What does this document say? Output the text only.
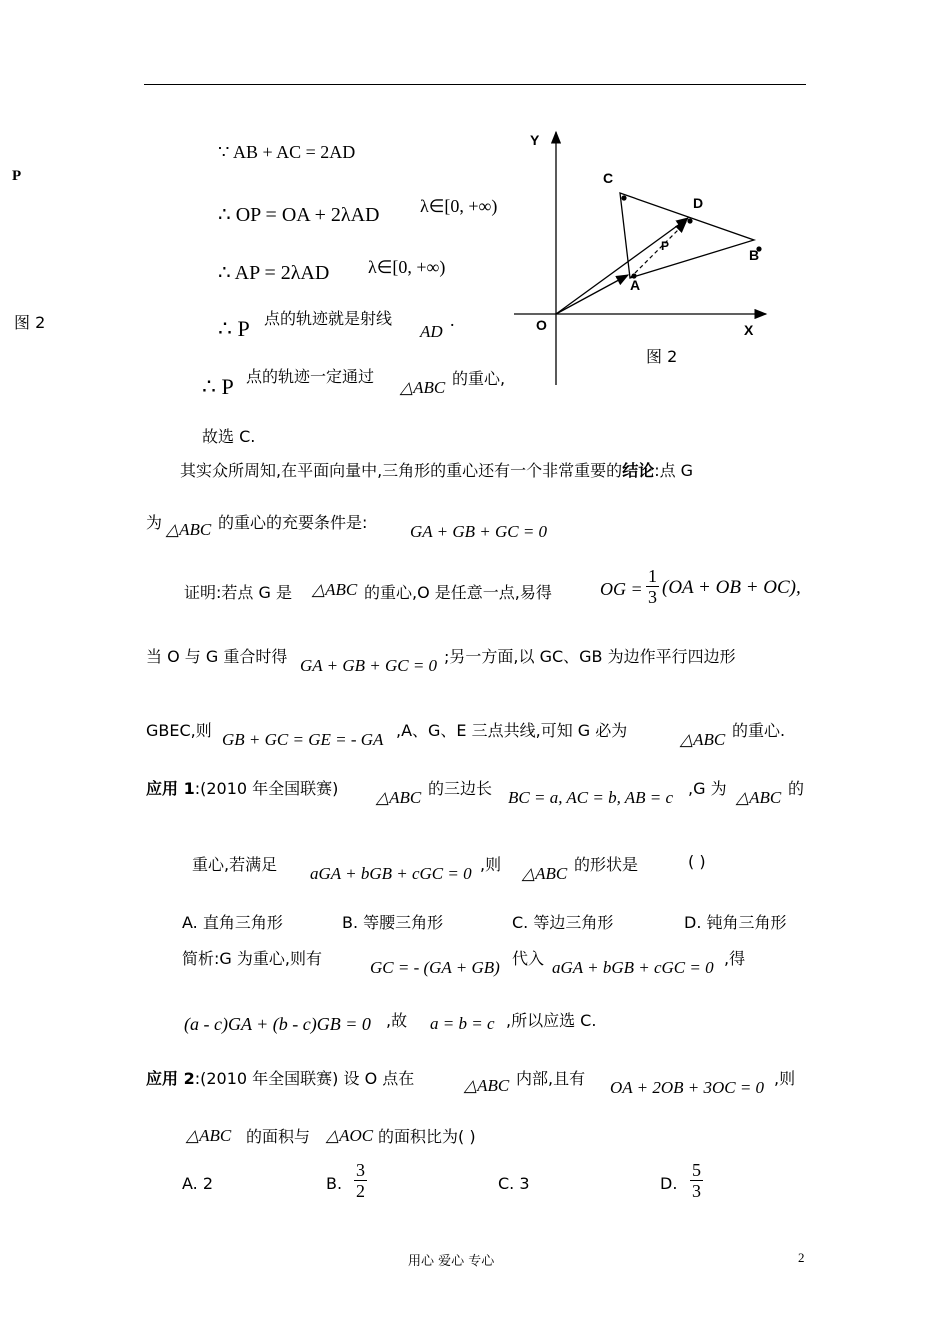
P
图 2
∵ AB + AC = 2AD
∴ OP = OA + 2λAD λ∈[0, +∞)
∴ AP = 2λAD λ∈[0, +∞)
∴ P 点的轨迹就是射线
AD
.
∴ P 点的轨迹一定通过
△ABC 的重心,
故选 C.
Y
X
O
C
D
B
A
P
图 2
其实众所周知,在平面向量中,三角形的重心还有一个非常重要的结论:点 G
为 △ABC 的重心的充要条件是:	GA + GB + GC = 0
证明:若点 G 是 △ABC 的重心,O 是任意一点,易得	OG = $\frac{1}{3} (OA$ + OB + OC),
当 O 与 G 重合时得 GA + GB + GC = 0 ;另一方面,以 GC、GB 为边作平行四边形
GBEC,则 GB + GC = GE = - GA ,A、G、E 三点共线,可知 G 必为	△ABC 的重心.
应用 1:(2010 年全国联赛) △ABC 的三边长 BC = a, AC = b, AB = c ,G 为 △ABC 的
重心,若满足 aGA + bGB + cGC = 0 ,则 △ABC 的形状是	( )
A. 直角三角形	B. 等腰三角形	C. 等边三角形	D. 钝角三角形
简析:G 为重心,则有	GC = - (GA + GB) 代入 aGA + bGB + cGC = 0 ,得
(a - c)GA + (b - c)GB = 0 ,故 a = b = c ,所以应选 C.
应用 2:(2010 年全国联赛) 设 O 点在	△ABC 内部,且有 OA + 2OB + 3OC = 0 ,则
△ABC 的面积与 △AOC 的面积比为( )
A. 2	B. $\frac{3}{2}$	C. 3	D. $\frac{5}{3}$
用心 爱心 专心	2
